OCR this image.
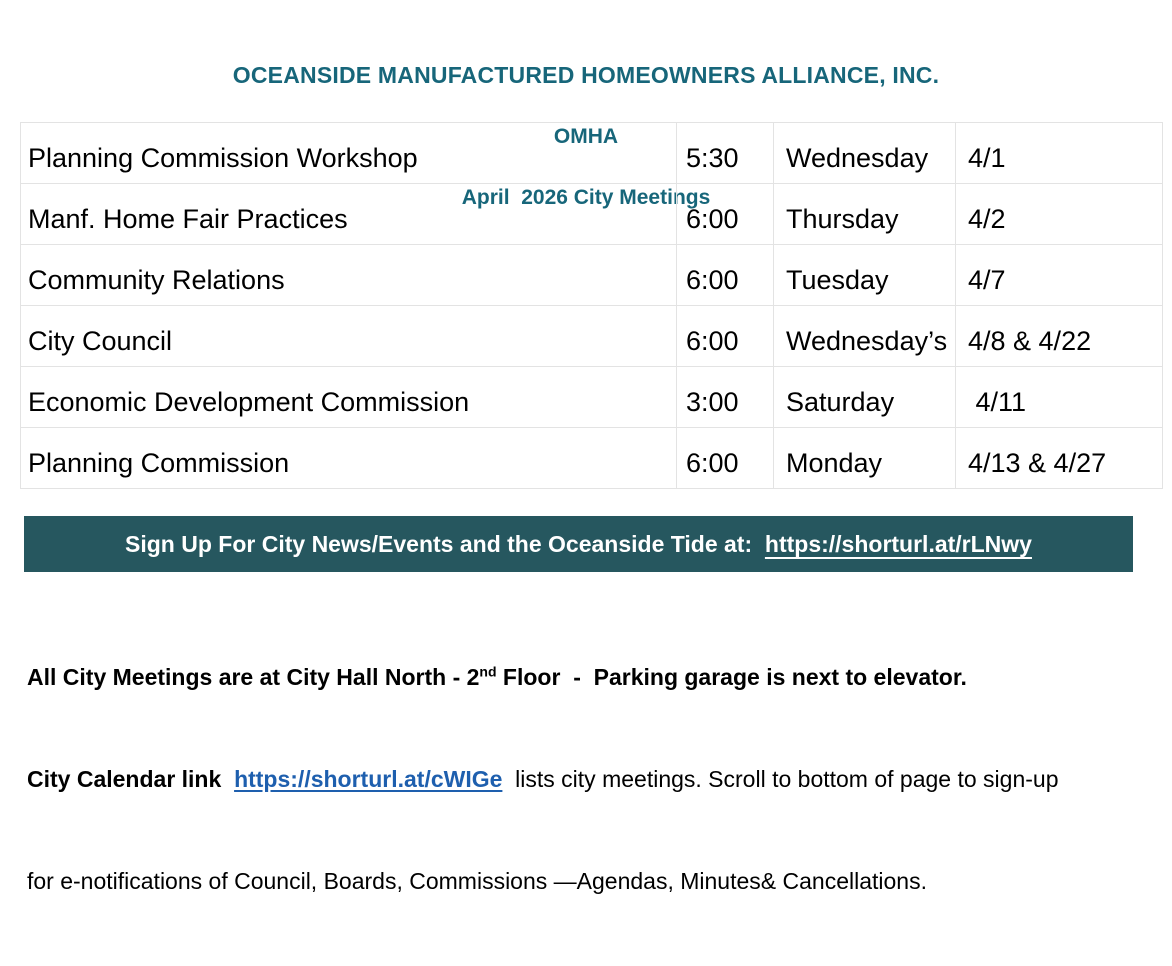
OCEANSIDE MANUFACTURED HOMEOWNERS ALLIANCE, INC.

OMHA

April  2026 City Meetings

Planning Commission Workshop	5:30	Wednesday	4/1
Manf. Home Fair Practices	6:00	Thursday	4/2
Community Relations	6:00	Tuesday	4/7
City Council	6:00	Wednesday’s	4/8 & 4/22
Economic Development Commission	3:00	Saturday	4/11
Planning Commission	6:00	Monday	4/13 & 4/27
Sign Up For City News/Events and the Oceanside Tide at: https://shorturl.at/rLNwy

All City Meetings are at City Hall North - 2nd Floor  -  Parking garage is next to elevator.

City Calendar link  https://shorturl.at/cWIGe  lists city meetings. Scroll to bottom of page to sign-up

for e-notifications of Council, Boards, Commissions —Agendas, Minutes& Cancellations.
